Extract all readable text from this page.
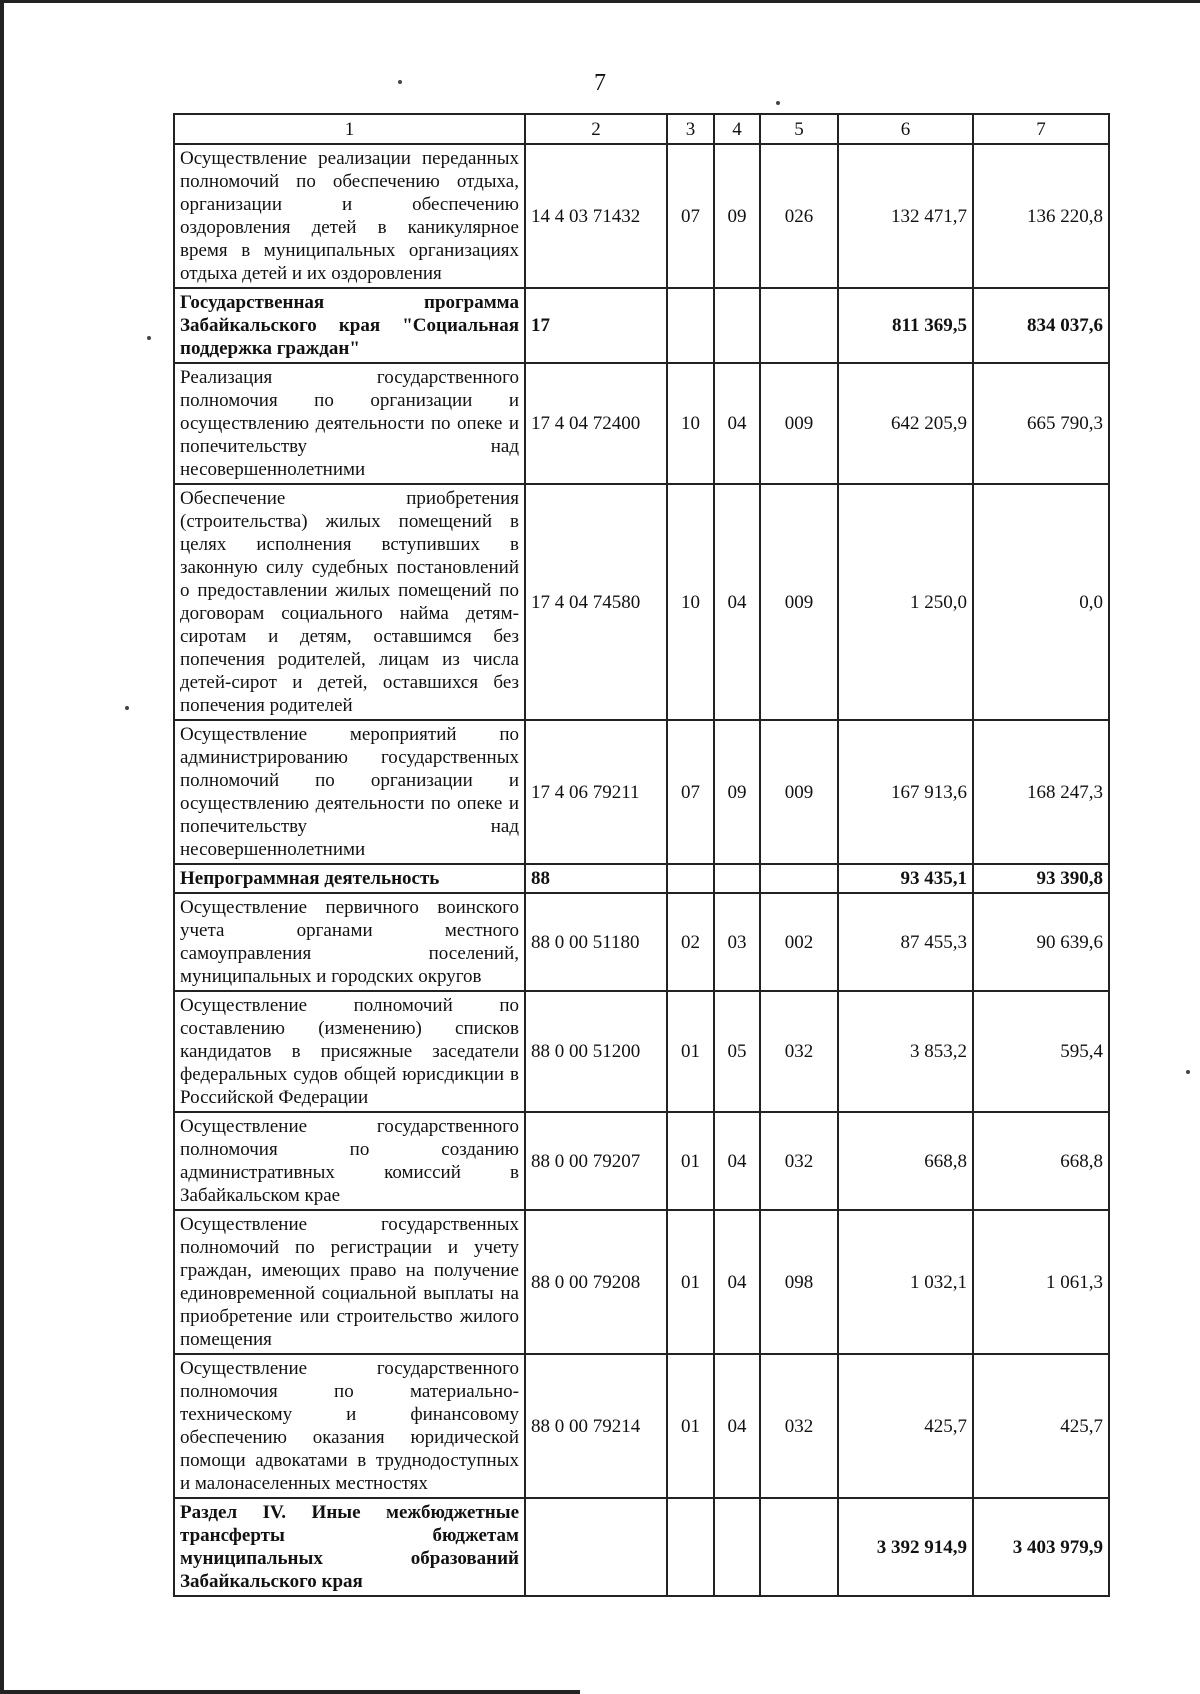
7
1	2	3	4	5	6	7
Осуществление реализации переданных полномочий по обеспечению отдыха, организации и обеспечению оздоровления детей в каникулярное время в муниципальных организациях отдыха детей и их оздоровления	14 4 03 71432	07	09	026	132 471,7	136 220,8
Государственная программа Забайкальского края "Социальная поддержка граждан"	17				811 369,5	834 037,6
Реализация государственного полномочия по организации и осуществлению деятельности по опеке и попечительству над несовершеннолетними	17 4 04 72400	10	04	009	642 205,9	665 790,3
Обеспечение приобретения (строительства) жилых помещений в целях исполнения вступивших в законную силу судебных постановлений о предоставлении жилых помещений по договорам социального найма детям-сиротам и детям, оставшимся без попечения родителей, лицам из числа детей-сирот и детей, оставшихся без попечения родителей	17 4 04 74580	10	04	009	1 250,0	0,0
Осуществление мероприятий по администрированию государственных полномочий по организации и осуществлению деятельности по опеке и попечительству над несовершеннолетними	17 4 06 79211	07	09	009	167 913,6	168 247,3
Непрограммная деятельность	88				93 435,1	93 390,8
Осуществление первичного воинского учета органами местного самоуправления поселений, муниципальных и городских округов	88 0 00 51180	02	03	002	87 455,3	90 639,6
Осуществление полномочий по составлению (изменению) списков кандидатов в присяжные заседатели федеральных судов общей юрисдикции в Российской Федерации	88 0 00 51200	01	05	032	3 853,2	595,4
Осуществление государственного полномочия по созданию административных комиссий в Забайкальском крае	88 0 00 79207	01	04	032	668,8	668,8
Осуществление государственных полномочий по регистрации и учету граждан, имеющих право на получение единовременной социальной выплаты на приобретение или строительство жилого помещения	88 0 00 79208	01	04	098	1 032,1	1 061,3
Осуществление государственного полномочия по материально-техническому и финансовому обеспечению оказания юридической помощи адвокатами в труднодоступных и малонаселенных местностях	88 0 00 79214	01	04	032	425,7	425,7
Раздел IV. Иные межбюджетные трансферты бюджетам муниципальных образований Забайкальского края					3 392 914,9	3 403 979,9
